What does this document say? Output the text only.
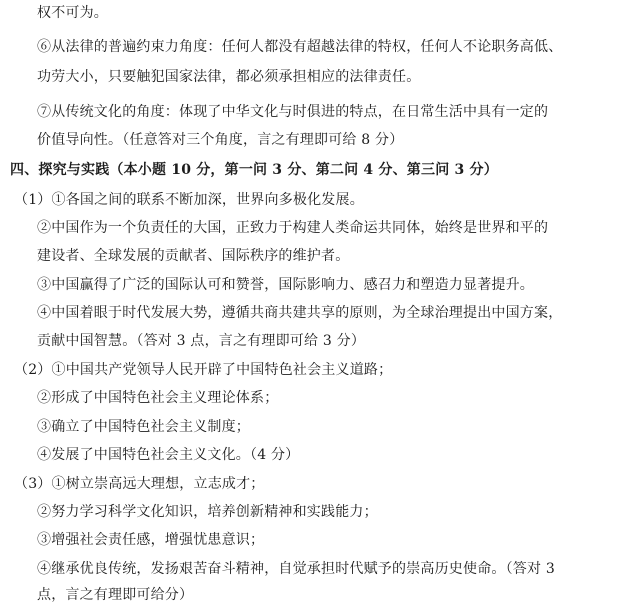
权不可为。
⑥从法律的普遍约束力角度：任何人都没有超越法律的特权，任何人不论职务高低、
功劳大小，只要触犯国家法律，都必须承担相应的法律责任。
⑦从传统文化的角度：体现了中华文化与时俱进的特点，在日常生活中具有一定的
价值导向性。（任意答对三个角度，言之有理即可给 8 分）
四、探究与实践（本小题 10 分，第一问 3 分、第二问 4 分、第三问 3 分）
（1）①各国之间的联系不断加深，世界向多极化发展。
②中国作为一个负责任的大国，正致力于构建人类命运共同体，始终是世界和平的
建设者、全球发展的贡献者、国际秩序的维护者。
③中国赢得了广泛的国际认可和赞誉，国际影响力、感召力和塑造力显著提升。
④中国着眼于时代发展大势，遵循共商共建共享的原则，为全球治理提出中国方案，
贡献中国智慧。（答对 3 点，言之有理即可给 3 分）
（2）①中国共产党领导人民开辟了中国特色社会主义道路；
②形成了中国特色社会主义理论体系；
③确立了中国特色社会主义制度；
④发展了中国特色社会主义文化。（4 分）
（3）①树立崇高远大理想，立志成才；
②努力学习科学文化知识，培养创新精神和实践能力；
③增强社会责任感，增强忧患意识；
④继承优良传统，发扬艰苦奋斗精神，自觉承担时代赋予的崇高历史使命。（答对 3
点，言之有理即可给分）
